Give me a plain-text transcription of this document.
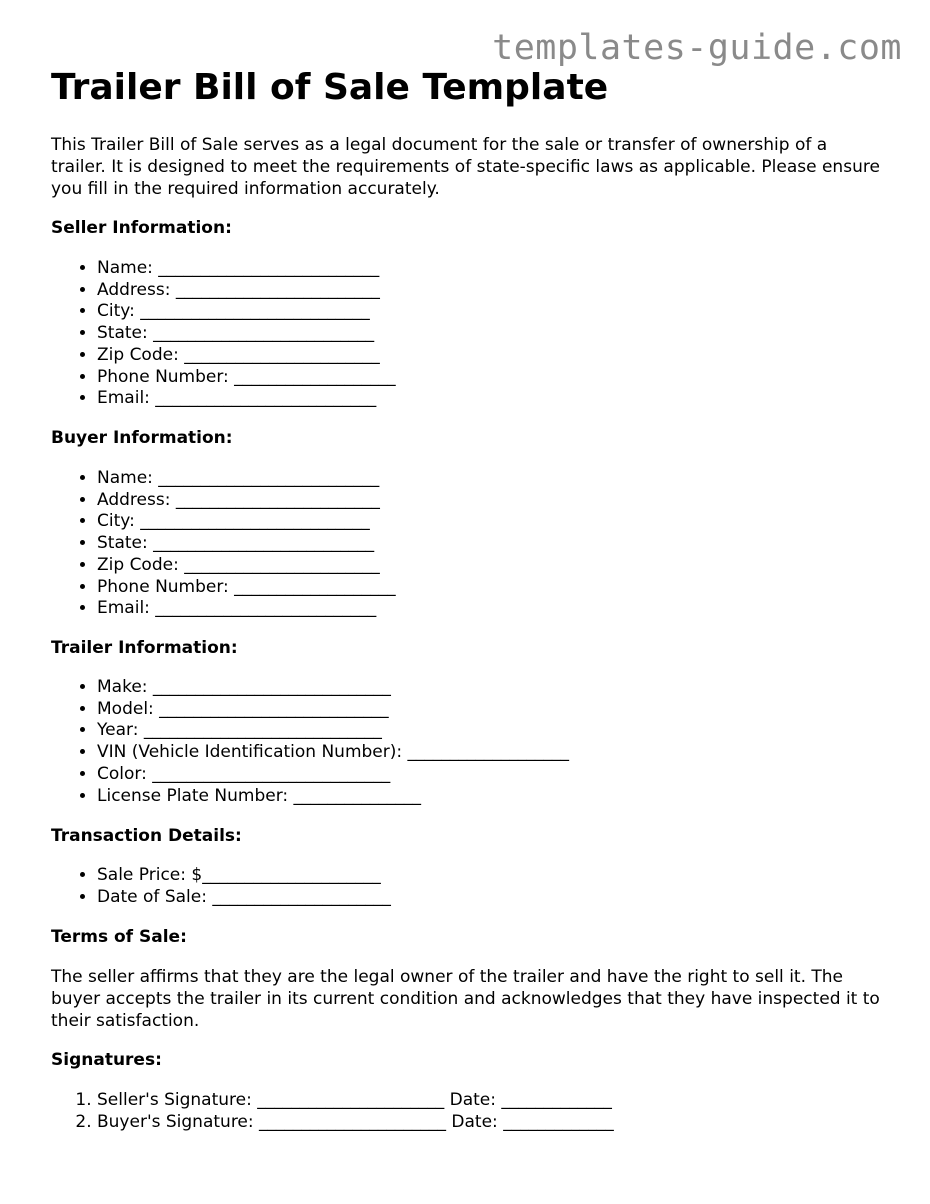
templates-guide.com
Trailer Bill of Sale Template

This Trailer Bill of Sale serves as a legal document for the sale or transfer of ownership of a trailer. It is designed to meet the requirements of state-specific laws as applicable. Please ensure you fill in the required information accurately.

Seller Information:
• Name: __________________________
• Address: ________________________
• City: ___________________________
• State: __________________________
• Zip Code: _______________________
• Phone Number: ___________________
• Email: __________________________
Buyer Information:
• Name: __________________________
• Address: ________________________
• City: ___________________________
• State: __________________________
• Zip Code: _______________________
• Phone Number: ___________________
• Email: __________________________
Trailer Information:
• Make: ____________________________
• Model: ___________________________
• Year: ____________________________
• VIN (Vehicle Identification Number): ___________________
• Color: ____________________________
• License Plate Number: _______________
Transaction Details:
• Sale Price: $_____________________
• Date of Sale: _____________________
Terms of Sale:

The seller affirms that they are the legal owner of the trailer and have the right to sell it. The buyer accepts the trailer in its current condition and acknowledges that they have inspected it to their satisfaction.

Signatures:
1. Seller's Signature: ______________________ Date: _____________
2. Buyer's Signature: ______________________ Date: _____________
